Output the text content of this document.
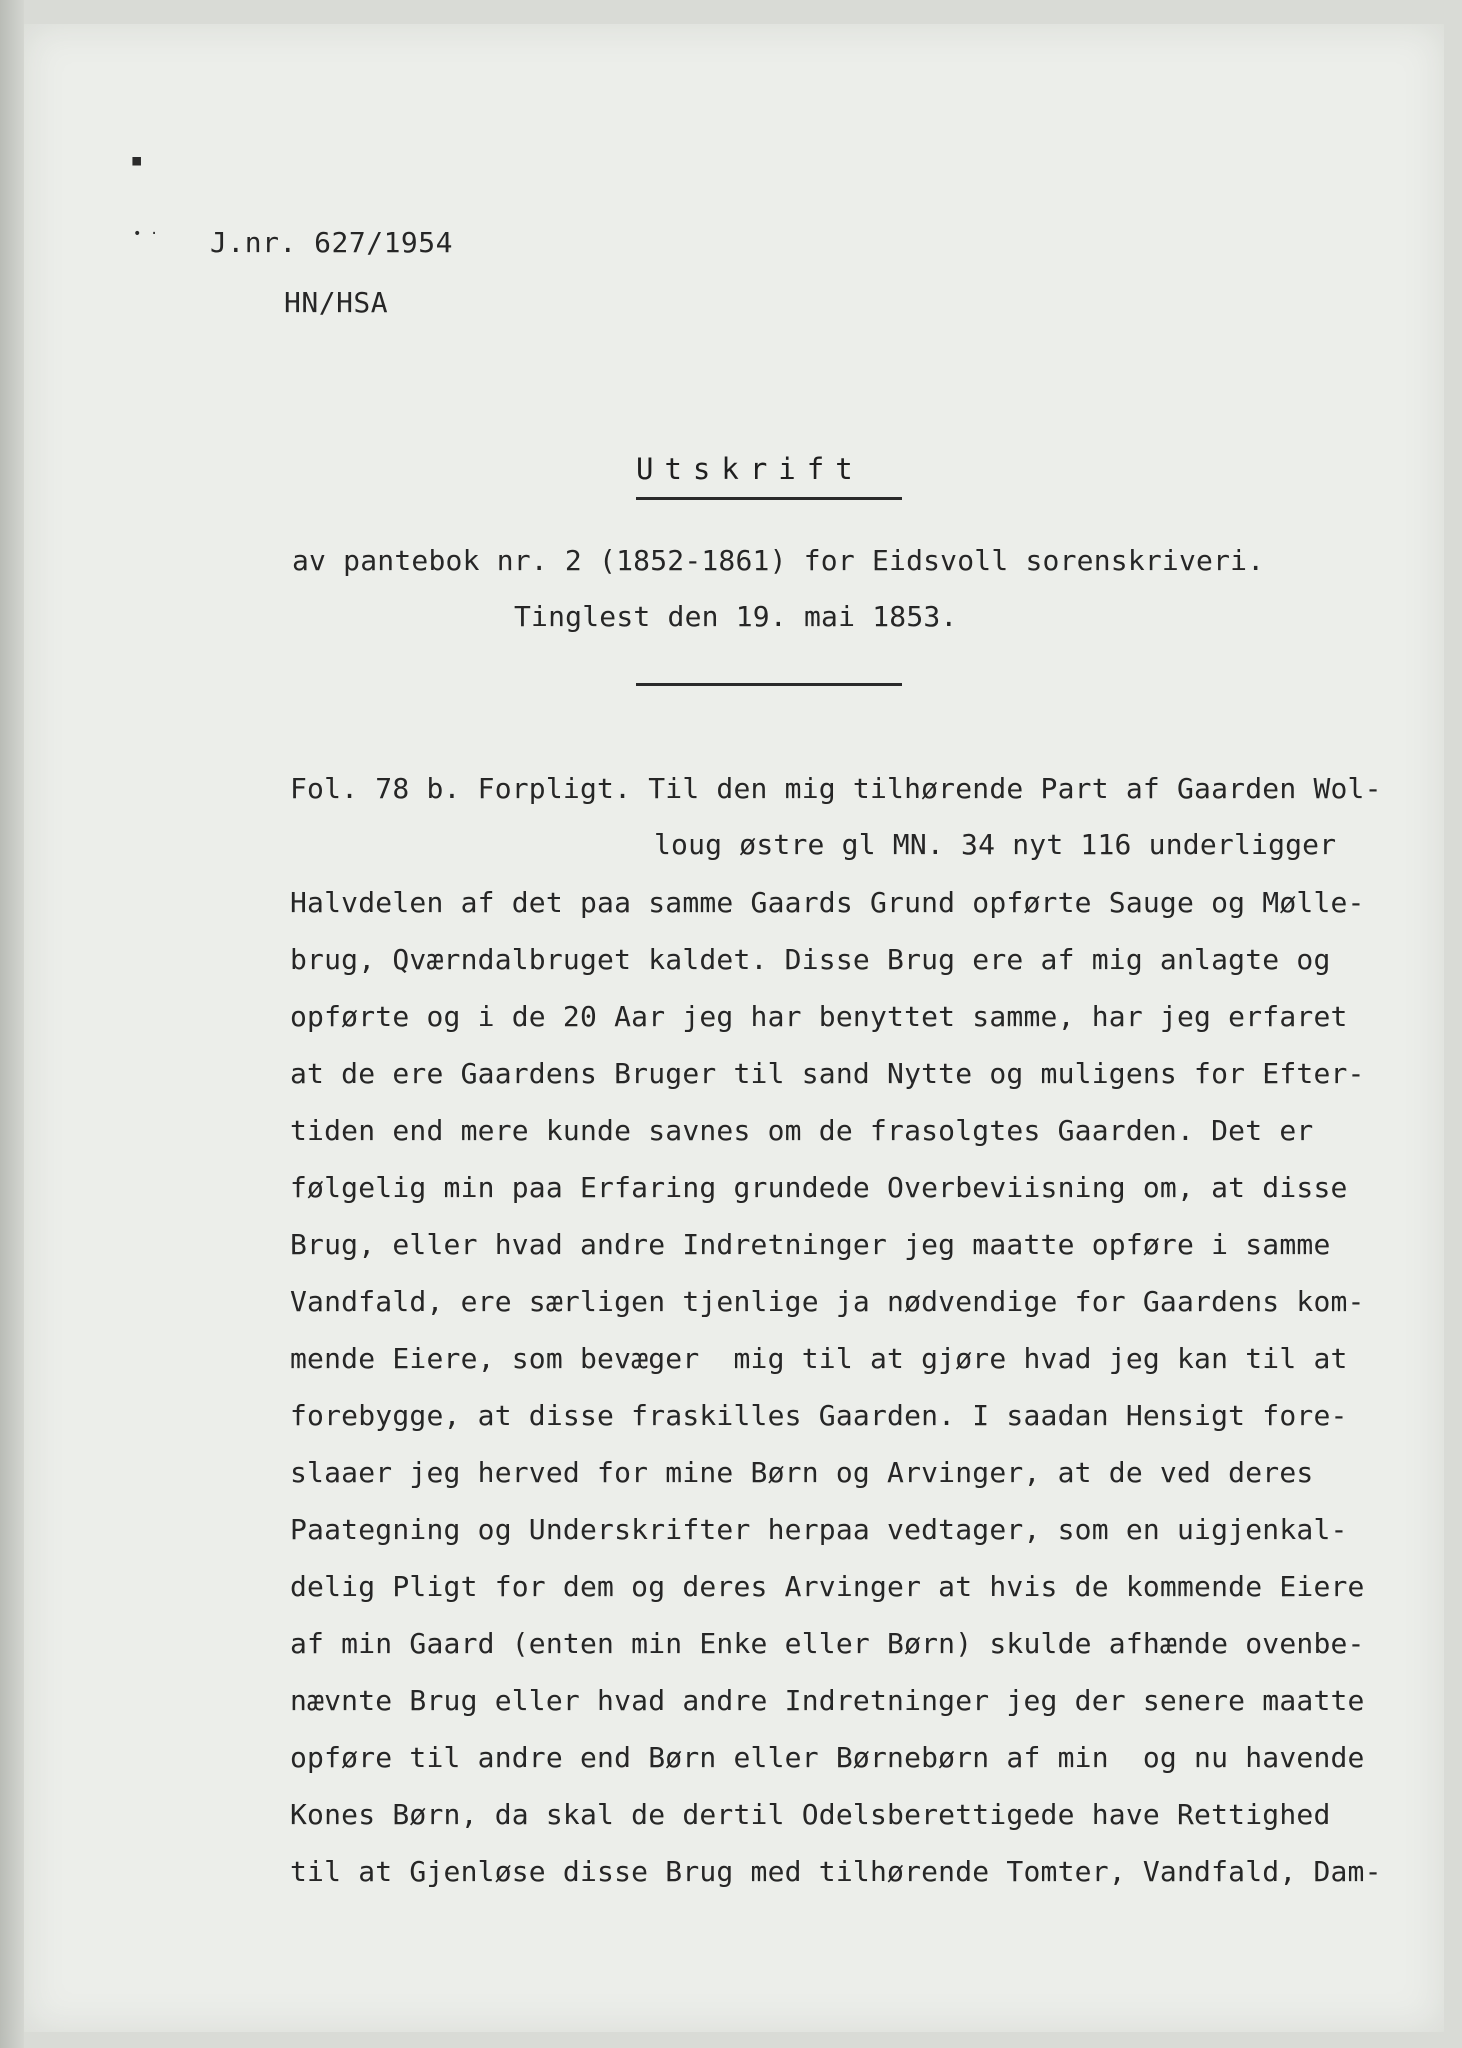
▪
• · J.nr. 627/1954
HN/HSA
Utskrift
av pantebok nr. 2 (1852-1861) for Eidsvoll sorenskriveri.
Tinglest den 19. mai 1853.
Fol. 78 b. Forpligt. Til den mig tilhørende Part af Gaarden Wol-
loug østre gl MN. 34 nyt 116 underligger
Halvdelen af det paa samme Gaards Grund opførte Sauge og Mølle-
brug, Qværndalbruget kaldet. Disse Brug ere af mig anlagte og
opførte og i de 20 Aar jeg har benyttet samme, har jeg erfaret
at de ere Gaardens Bruger til sand Nytte og muligens for Efter-
tiden end mere kunde savnes om de frasolgtes Gaarden. Det er
følgelig min paa Erfaring grundede Overbeviisning om, at disse
Brug, eller hvad andre Indretninger jeg maatte opføre i samme
Vandfald, ere særligen tjenlige ja nødvendige for Gaardens kom-
mende Eiere, som bevæger  mig til at gjøre hvad jeg kan til at
forebygge, at disse fraskilles Gaarden. I saadan Hensigt fore-
slaaer jeg herved for mine Børn og Arvinger, at de ved deres
Paategning og Underskrifter herpaa vedtager, som en uigjenkal-
delig Pligt for dem og deres Arvinger at hvis de kommende Eiere
af min Gaard (enten min Enke eller Børn) skulde afhænde ovenbe-
nævnte Brug eller hvad andre Indretninger jeg der senere maatte
opføre til andre end Børn eller Børnebørn af min  og nu havende
Kones Børn, da skal de dertil Odelsberettigede have Rettighed
til at Gjenløse disse Brug med tilhørende Tomter, Vandfald, Dam-
